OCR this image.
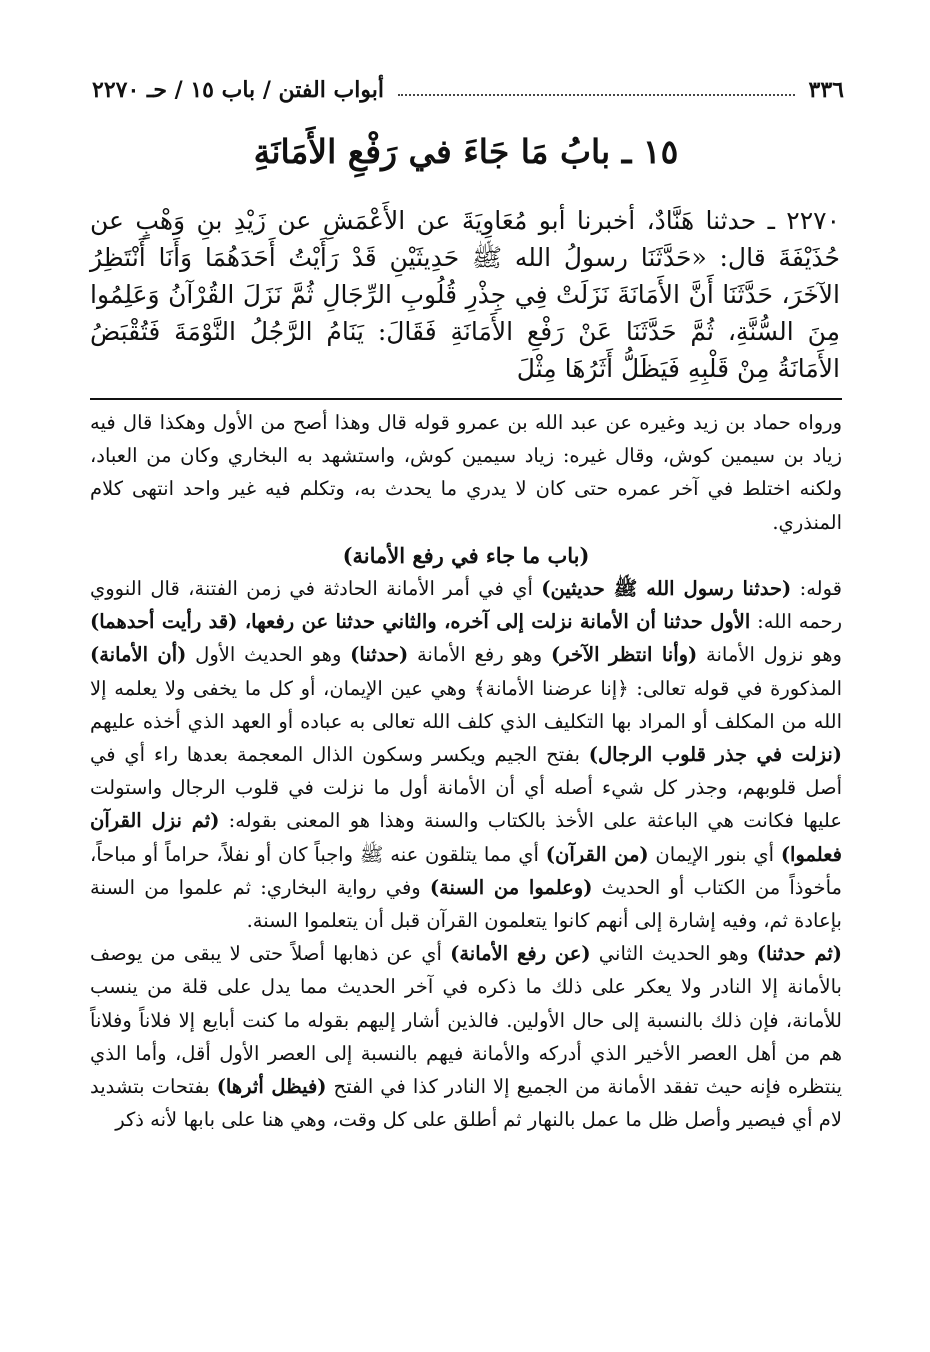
٣٣٦
أبواب الفتن / باب ١٥ / حـ ٢٢٧٠
١٥ ـ بابُ مَا جَاءَ في رَفْعِ الأَمَانَةِ

٢٢٧٠ ـ حدثنا هَنَّادٌ، أخبرنا أبو مُعَاوِيَةَ عن الأَعْمَشِ عن زَيْدِ بنِ وَهْبٍ عن حُذَيْفَةَ قال: «حَدَّثَنَا رسولُ الله ﷺ حَدِيثَيْنِ قَدْ رَأَيْتُ أَحَدَهُمَا وَأَنَا أَنْتَظِرُ الآخَرَ، حَدَّثَنَا أَنَّ الأَمَانَةَ نَزَلَتْ فِي جِذْرِ قُلُوبِ الرِّجَالِ ثُمَّ نَزَلَ القُرْآنُ وَعَلِمُوا مِنَ السُّنَّةِ، ثُمَّ حَدَّثَنَا عَنْ رَفْعِ الأَمَانَةِ فَقَالَ: يَنَامُ الرَّجُلُ النَّوْمَةَ فَتُقْبَضُ الأَمَانَةُ مِنْ قَلْبِهِ فَيَظَلُّ أَثَرُهَا مِثْلَ

ورواه حماد بن زيد وغيره عن عبد الله بن عمرو قوله قال وهذا أصح من الأول وهكذا قال فيه زياد بن سيمين كوش، وقال غيره: زياد سيمين كوش، واستشهد به البخاري وكان من العباد، ولكنه اختلط في آخر عمره حتى كان لا يدري ما يحدث به، وتكلم فيه غير واحد انتهى كلام المنذري.

(باب ما جاء في رفع الأمانة)

قوله: (حدثنا رسول الله ﷺ حديثين) أي في أمر الأمانة الحادثة في زمن الفتنة، قال النووي رحمه الله: الأول حدثنا أن الأمانة نزلت إلى آخره، والثاني حدثنا عن رفعها، (قد رأيت أحدهما) وهو نزول الأمانة (وأنا انتظر الآخر) وهو رفع الأمانة (حدثنا) وهو الحديث الأول (أن الأمانة) المذكورة في قوله تعالى: ﴿إنا عرضنا الأمانة﴾ وهي عين الإيمان، أو كل ما يخفى ولا يعلمه إلا الله من المكلف أو المراد بها التكليف الذي كلف الله تعالى به عباده أو العهد الذي أخذه عليهم (نزلت في جذر قلوب الرجال) بفتح الجيم ويكسر وسكون الذال المعجمة بعدها راء أي في أصل قلوبهم، وجذر كل شيء أصله أي أن الأمانة أول ما نزلت في قلوب الرجال واستولت عليها فكانت هي الباعثة على الأخذ بالكتاب والسنة وهذا هو المعنى بقوله: (ثم نزل القرآن فعلموا) أي بنور الإيمان (من القرآن) أي مما يتلقون عنه ﷺ واجباً كان أو نفلاً، حراماً أو مباحاً، مأخوذاً من الكتاب أو الحديث (وعلموا من السنة) وفي رواية البخاري: ثم علموا من السنة بإعادة ثم، وفيه إشارة إلى أنهم كانوا يتعلمون القرآن قبل أن يتعلموا السنة.

(ثم حدثنا) وهو الحديث الثاني (عن رفع الأمانة) أي عن ذهابها أصلاً حتى لا يبقى من يوصف بالأمانة إلا النادر ولا يعكر على ذلك ما ذكره في آخر الحديث مما يدل على قلة من ينسب للأمانة، فإن ذلك بالنسبة إلى حال الأولين. فالذين أشار إليهم بقوله ما كنت أبايع إلا فلاناً وفلاناً هم من أهل العصر الأخير الذي أدركه والأمانة فيهم بالنسبة إلى العصر الأول أقل، وأما الذي ينتظره فإنه حيث تفقد الأمانة من الجميع إلا النادر كذا في الفتح (فيظل أثرها) بفتحات بتشديد لام أي فيصير وأصل ظل ما عمل بالنهار ثم أطلق على كل وقت، وهي هنا على بابها لأنه ذكر
